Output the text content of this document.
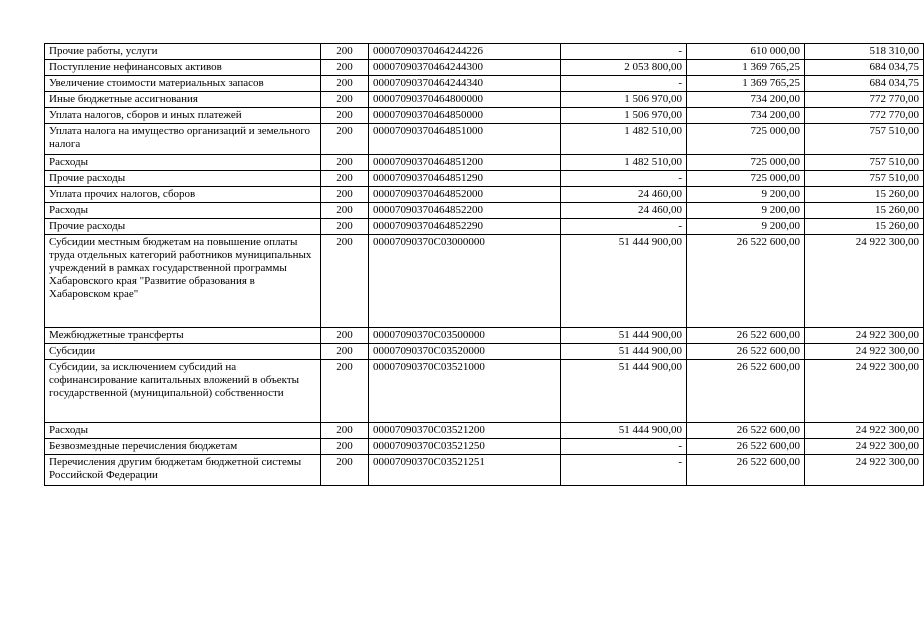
Прочие работы, услуги	200	00007090370464244226	-	610 000,00	518 310,00
Поступление нефинансовых активов	200	00007090370464244300	2 053 800,00	1 369 765,25	684 034,75
Увеличение стоимости материальных запасов	200	00007090370464244340	-	1 369 765,25	684 034,75
Иные бюджетные ассигнования	200	00007090370464800000	1 506 970,00	734 200,00	772 770,00
Уплата налогов, сборов и иных платежей	200	00007090370464850000	1 506 970,00	734 200,00	772 770,00
Уплата налога на имущество организаций и земельного налога	200	00007090370464851000	1 482 510,00	725 000,00	757 510,00
Расходы	200	00007090370464851200	1 482 510,00	725 000,00	757 510,00
Прочие расходы	200	00007090370464851290	-	725 000,00	757 510,00
Уплата прочих налогов, сборов	200	00007090370464852000	24 460,00	9 200,00	15 260,00
Расходы	200	00007090370464852200	24 460,00	9 200,00	15 260,00
Прочие расходы	200	00007090370464852290	-	9 200,00	15 260,00
Субсидии местным бюджетам на повышение оплаты труда отдельных категорий работников муниципальных учреждений в рамках государственной программы Хабаровского края "Развитие образования в Хабаровском крае"	200	00007090370C03000000	51 444 900,00	26 522 600,00	24 922 300,00
Межбюджетные трансферты	200	00007090370C03500000	51 444 900,00	26 522 600,00	24 922 300,00
Субсидии	200	00007090370C03520000	51 444 900,00	26 522 600,00	24 922 300,00
Субсидии, за исключением субсидий на софинансирование капитальных вложений в объекты государственной (муниципальной) собственности	200	00007090370C03521000	51 444 900,00	26 522 600,00	24 922 300,00
Расходы	200	00007090370C03521200	51 444 900,00	26 522 600,00	24 922 300,00
Безвозмездные перечисления бюджетам	200	00007090370C03521250	-	26 522 600,00	24 922 300,00
Перечисления другим бюджетам бюджетной системы Российской Федерации	200	00007090370C03521251	-	26 522 600,00	24 922 300,00
